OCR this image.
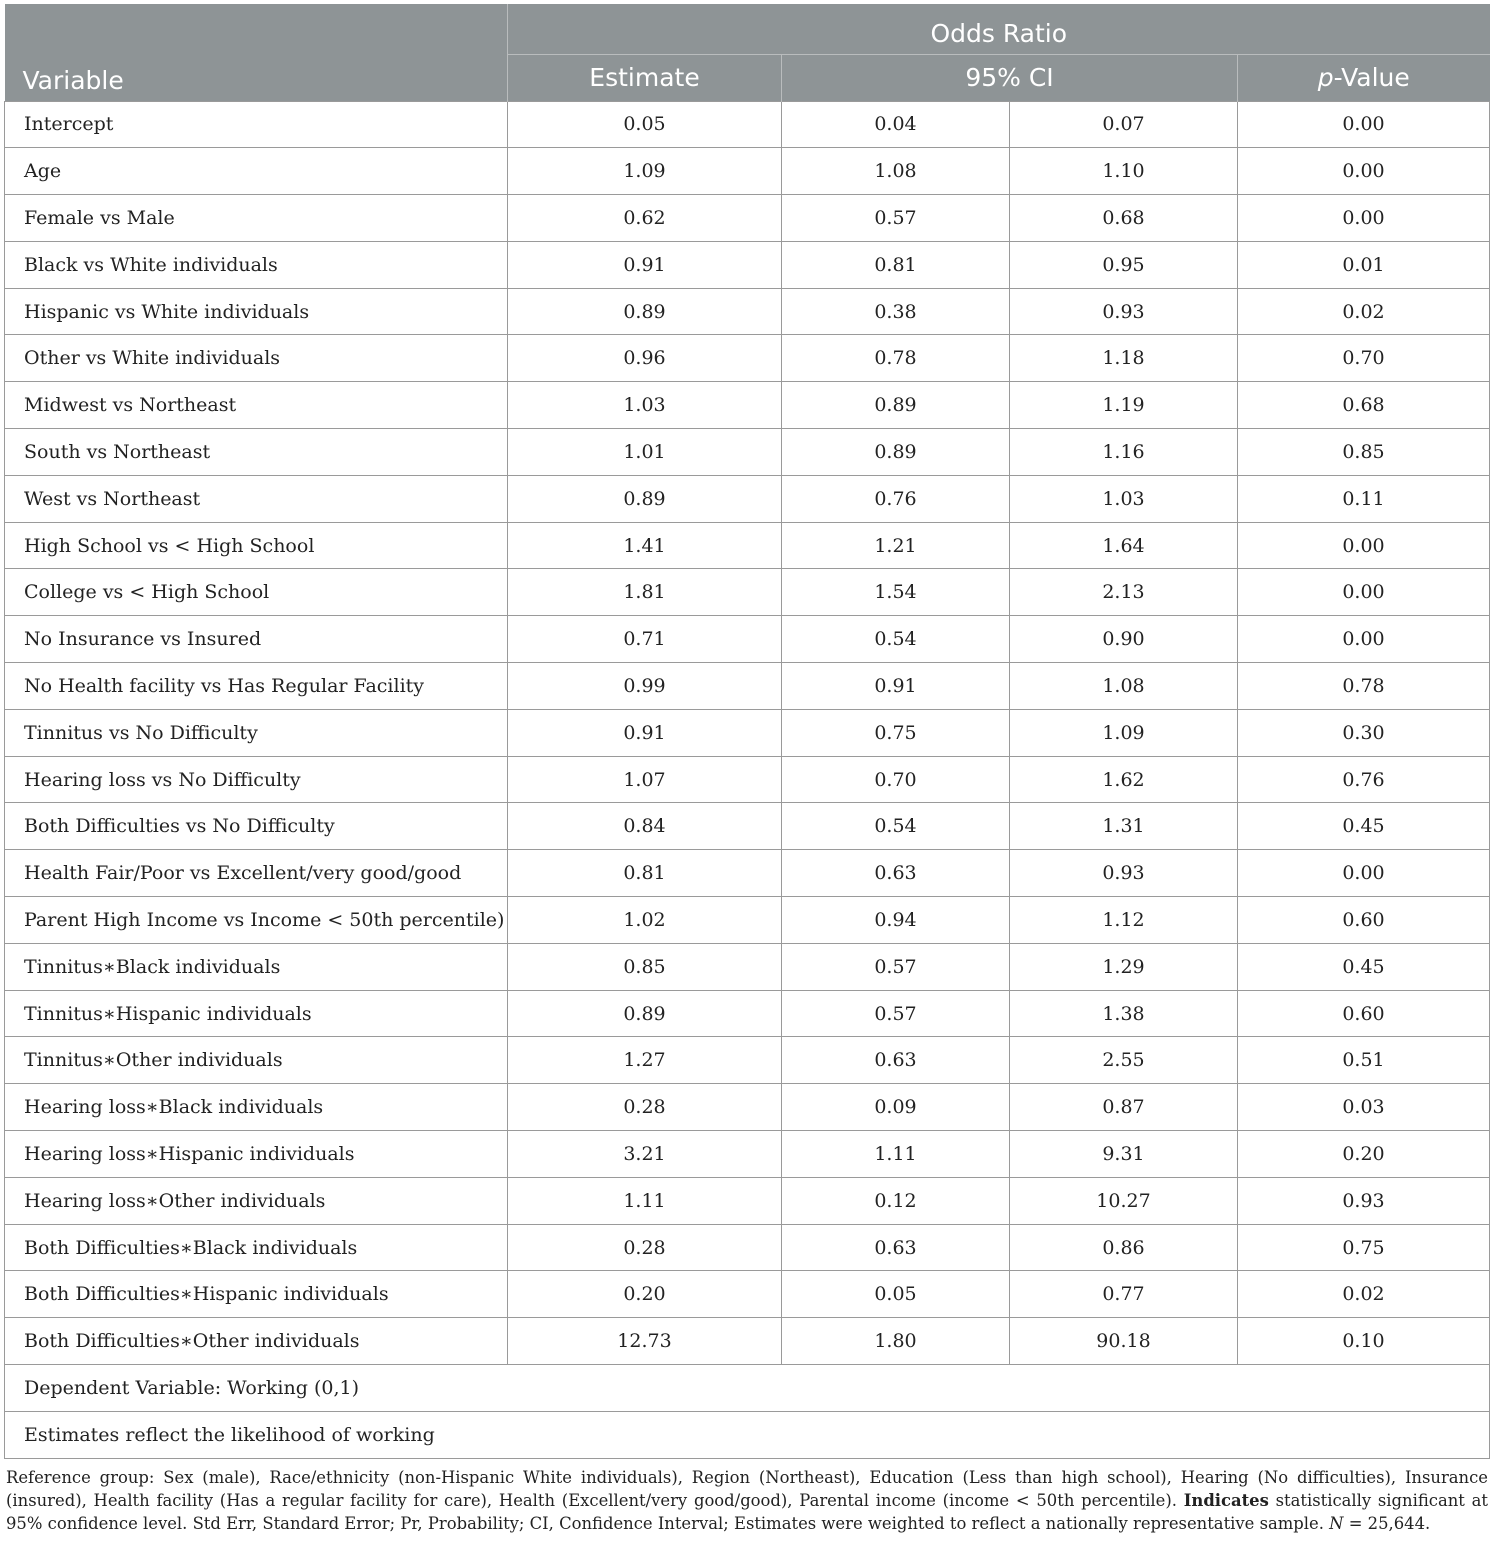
Variable	Odds Ratio			
	Estimate	95% CI		p-Value
Intercept	0.05	0.04	0.07	0.00
Age	1.09	1.08	1.10	0.00
Female vs Male	0.62	0.57	0.68	0.00
Black vs White individuals	0.91	0.81	0.95	0.01
Hispanic vs White individuals	0.89	0.38	0.93	0.02
Other vs White individuals	0.96	0.78	1.18	0.70
Midwest vs Northeast	1.03	0.89	1.19	0.68
South vs Northeast	1.01	0.89	1.16	0.85
West vs Northeast	0.89	0.76	1.03	0.11
High School vs < High School	1.41	1.21	1.64	0.00
College vs < High School	1.81	1.54	2.13	0.00
No Insurance vs Insured	0.71	0.54	0.90	0.00
No Health facility vs Has Regular Facility	0.99	0.91	1.08	0.78
Tinnitus vs No Difficulty	0.91	0.75	1.09	0.30
Hearing loss vs No Difficulty	1.07	0.70	1.62	0.76
Both Difficulties vs No Difficulty	0.84	0.54	1.31	0.45
Health Fair/Poor vs Excellent/very good/good	0.81	0.63	0.93	0.00
Parent High Income vs Income < 50th percentile)	1.02	0.94	1.12	0.60
Tinnitus∗Black individuals	0.85	0.57	1.29	0.45
Tinnitus∗Hispanic individuals	0.89	0.57	1.38	0.60
Tinnitus∗Other individuals	1.27	0.63	2.55	0.51
Hearing loss∗Black individuals	0.28	0.09	0.87	0.03
Hearing loss∗Hispanic individuals	3.21	1.11	9.31	0.20
Hearing loss∗Other individuals	1.11	0.12	10.27	0.93
Both Difficulties∗Black individuals	0.28	0.63	0.86	0.75
Both Difficulties∗Hispanic individuals	0.20	0.05	0.77	0.02
Both Difficulties∗Other individuals	12.73	1.80	90.18	0.10
Dependent Variable: Working (0,1)				
Estimates reflect the likelihood of working				
Reference group: Sex (male), Race/ethnicity (non-Hispanic White individuals), Region (Northeast), Education (Less than high school), Hearing (No difficulties), Insurance (insured), Health facility (Has a regular facility for care), Health (Excellent/very good/good), Parental income (income < 50th percentile). Indicates statistically significant at 95% confidence level. Std Err, Standard Error; Pr, Probability; CI, Confidence Interval; Estimates were weighted to reflect a nationally representative sample. N = 25,644.
